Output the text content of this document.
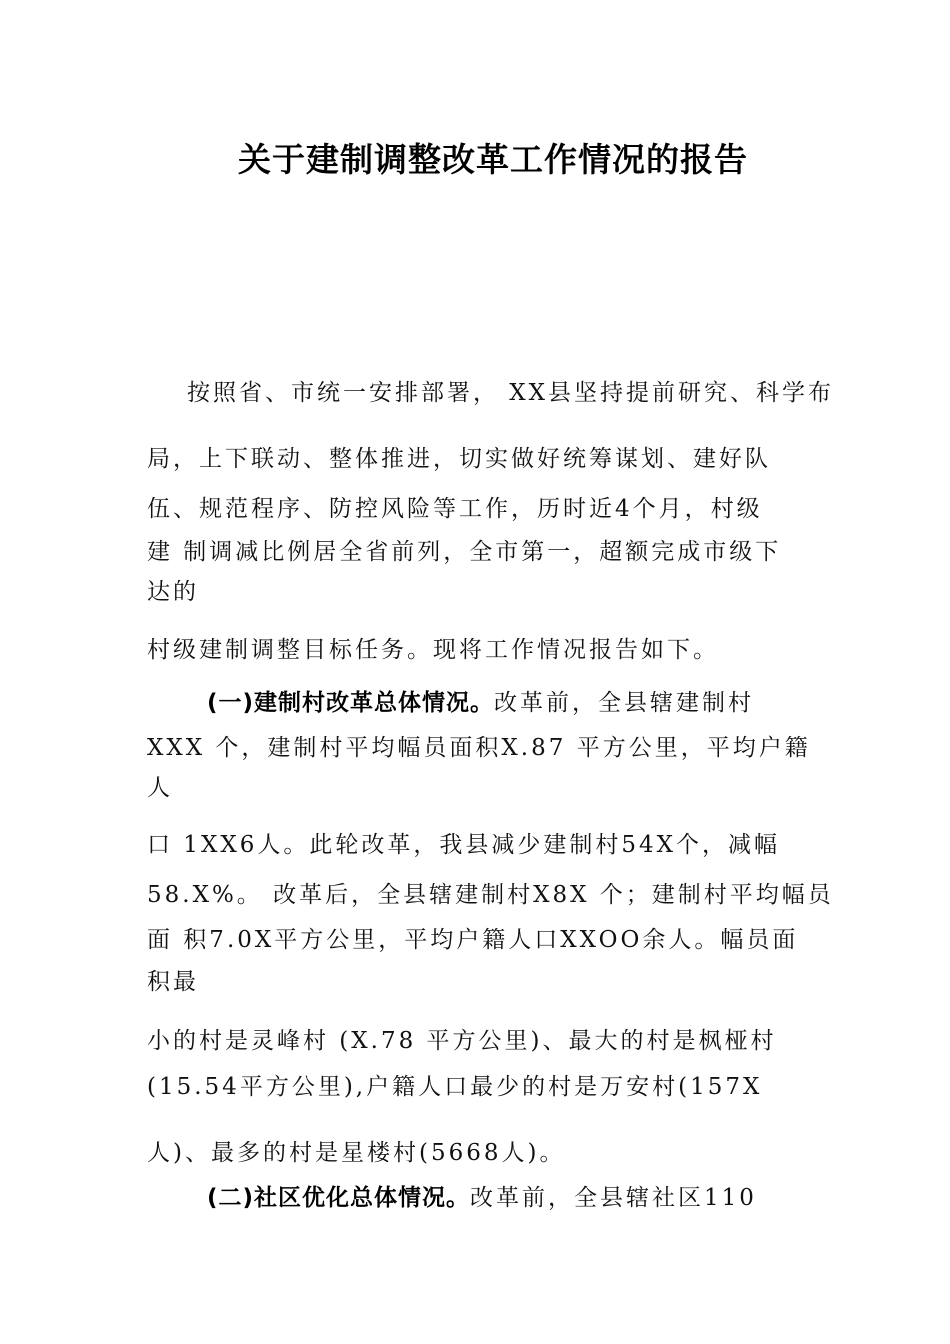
关于建制调整改革工作情况的报告
按照省、市统一安排部署， XX县坚持提前研究、科学布
局，上下联动、整体推进，切实做好统筹谋划、建好队
伍、规范程序、防控风险等工作，历时近4个月，村级
建 制调减比例居全省前列，全市第一，超额完成市级下
达的
村级建制调整目标任务。现将工作情况报告如下。
(一)建制村改革总体情况。改革前，全县辖建制村
XXX 个，建制村平均幅员面积X.87 平方公里，平均户籍
人
口 1XX6人。此轮改革，我县减少建制村54X个，减幅
58.X%。 改革后，全县辖建制村X8X 个；建制村平均幅员
面 积7.0X平方公里，平均户籍人口XXOO余人。幅员面
积最
小的村是灵峰村 (X.78 平方公里)、最大的村是枫桠村
(15.54平方公里),户籍人口最少的村是万安村(157X
人)、最多的村是星楼村(5668人)。
(二)社区优化总体情况。改革前，全县辖社区110
